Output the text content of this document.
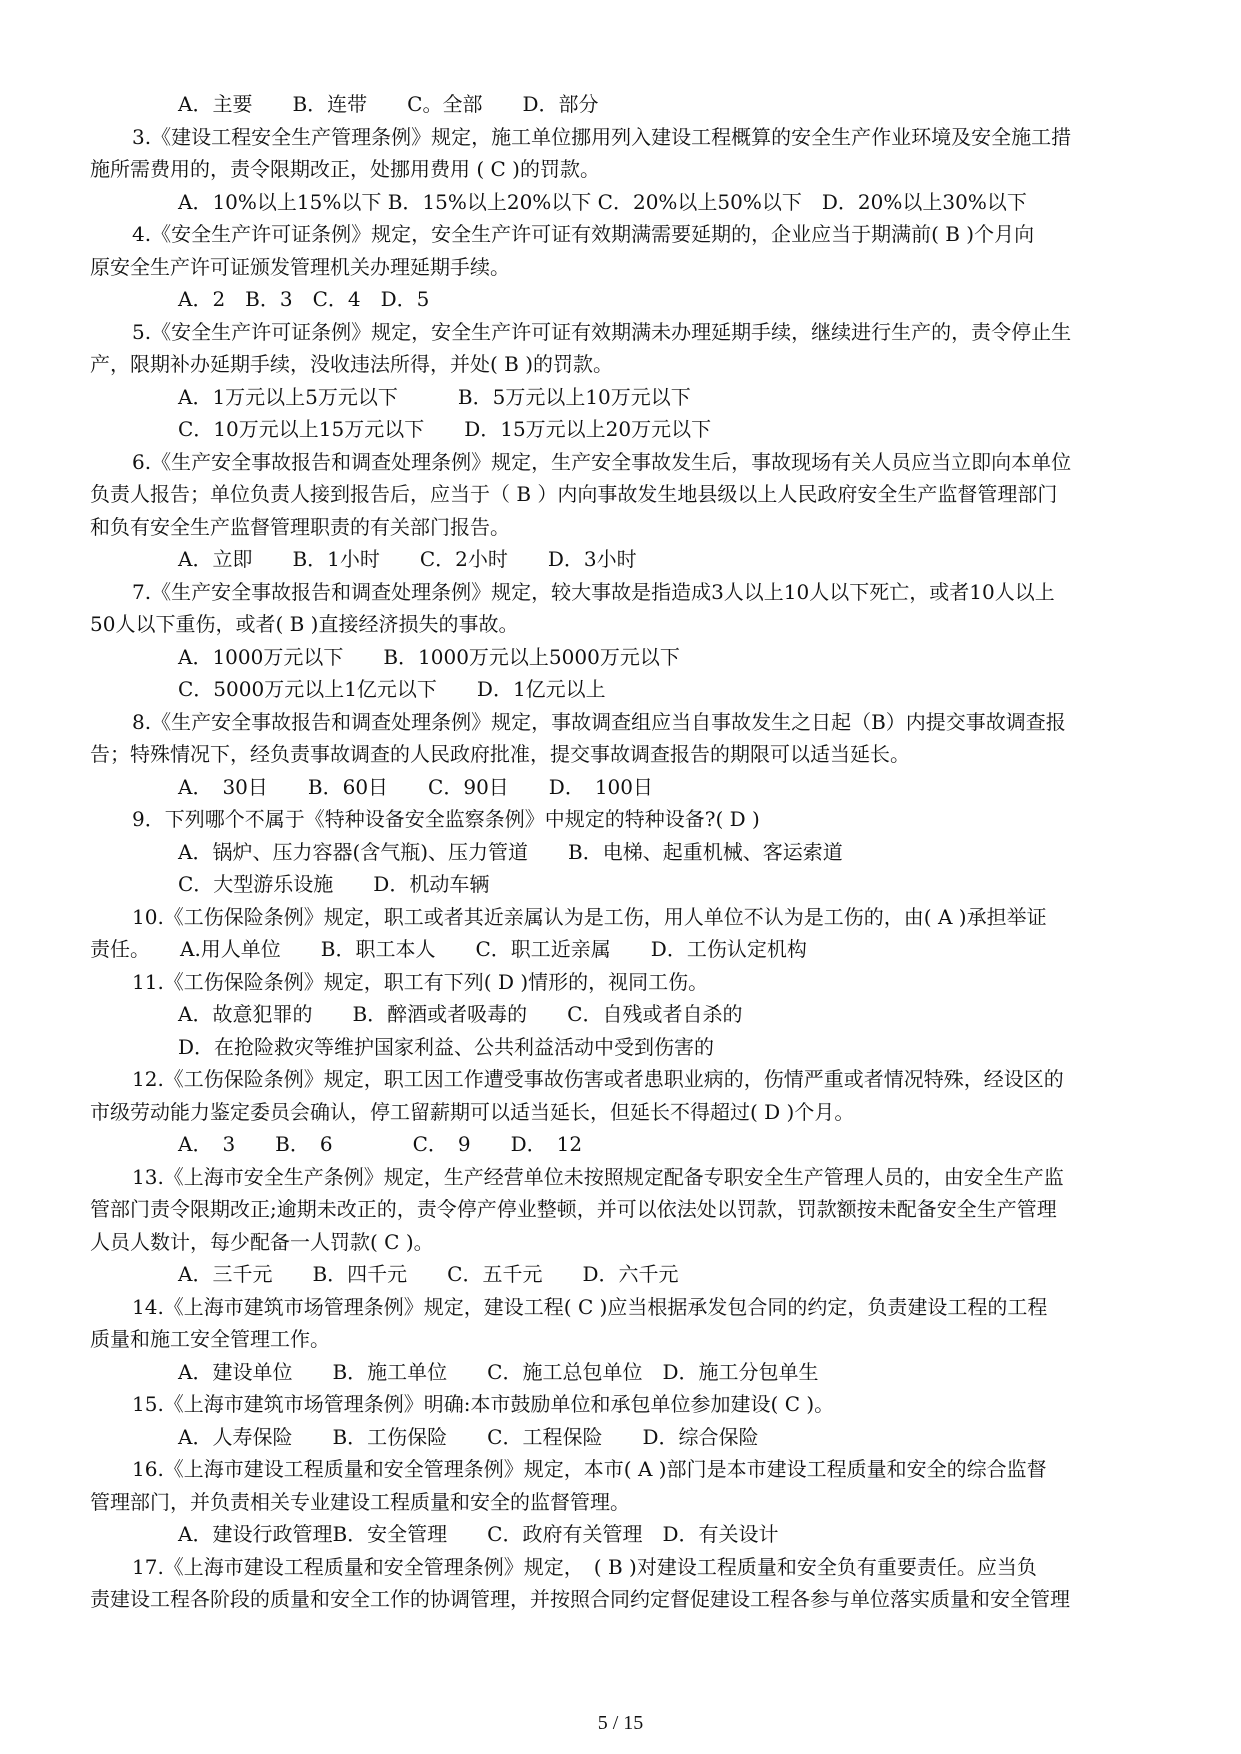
A．主要　　B．连带　　C。全部　　D．部分
3.《建设工程安全生产管理条例》规定，施工单位挪用列入建设工程概算的安全生产作业环境及安全施工措
施所需费用的，责令限期改正，处挪用费用 ( C )的罚款。
A．10%以上15%以下 B．15%以上20%以下 C．20%以上50%以下　D．20%以上30%以下
4.《安全生产许可证条例》规定，安全生产许可证有效期满需要延期的，企业应当于期满前( B )个月向
原安全生产许可证颁发管理机关办理延期手续。
A．2　B．3　C．4　D．5
5.《安全生产许可证条例》规定，安全生产许可证有效期满未办理延期手续，继续进行生产的，责令停止生
产，限期补办延期手续，没收违法所得，并处( B )的罚款。
A．1万元以上5万元以下　　　B．5万元以上10万元以下
C．10万元以上15万元以下　　D．15万元以上20万元以下
6.《生产安全事故报告和调查处理条例》规定，生产安全事故发生后，事故现场有关人员应当立即向本单位
负责人报告；单位负责人接到报告后，应当于（ B ）内向事故发生地县级以上人民政府安全生产监督管理部门
和负有安全生产监督管理职责的有关部门报告。
A．立即　　B．1小时　　C．2小时　　D．3小时
7.《生产安全事故报告和调查处理条例》规定，较大事故是指造成3人以上10人以下死亡，或者10人以上
50人以下重伤，或者( B )直接经济损失的事故。
A．1000万元以下　　B．1000万元以上5000万元以下
C．5000万元以上1亿元以下　　D．1亿元以上
8.《生产安全事故报告和调查处理条例》规定，事故调查组应当自事故发生之日起（B）内提交事故调查报
告；特殊情况下，经负责事故调查的人民政府批准，提交事故调查报告的期限可以适当延长。
A．　30日　　B．60日　　C．90日　　D．　100日
9．下列哪个不属于《特种设备安全监察条例》中规定的特种设备?( D )
A．锅炉、压力容器(含气瓶)、压力管道　　B．电梯、起重机械、客运索道
C．大型游乐设施　　D．机动车辆
10.《工伤保险条例》规定，职工或者其近亲属认为是工伤，用人单位不认为是工伤的，由( A )承担举证
责任。　　A.用人单位　　B．职工本人　　C．职工近亲属　　D．工伤认定机构
11.《工伤保险条例》规定，职工有下列( D )情形的，视同工伤。
A．故意犯罪的　　B．醉酒或者吸毒的　　C．自残或者自杀的
D．在抢险救灾等维护国家利益、公共利益活动中受到伤害的
12.《工伤保险条例》规定，职工因工作遭受事故伤害或者患职业病的，伤情严重或者情况特殊，经设区的
市级劳动能力鉴定委员会确认，停工留薪期可以适当延长，但延长不得超过( D )个月。
A．　3　　B．　6　　　　C．　9　　D．　12
13.《上海市安全生产条例》规定，生产经营单位未按照规定配备专职安全生产管理人员的，由安全生产监
管部门责令限期改正;逾期未改正的，责令停产停业整顿，并可以依法处以罚款，罚款额按未配备安全生产管理
人员人数计，每少配备一人罚款( C )。
A．三千元　　B．四千元　　C．五千元　　D．六千元
14.《上海市建筑市场管理条例》规定，建设工程( C )应当根据承发包合同的约定，负责建设工程的工程
质量和施工安全管理工作。
A．建设单位　　B．施工单位　　C．施工总包单位　D．施工分包单生
15.《上海市建筑市场管理条例》明确:本市鼓励单位和承包单位参加建设( C )。
A．人寿保险　　B．工伤保险　　C．工程保险　　D．综合保险
16.《上海市建设工程质量和安全管理条例》规定，本市( A )部门是本市建设工程质量和安全的综合监督
管理部门，并负责相关专业建设工程质量和安全的监督管理。
A．建设行政管理B．安全管理　　C．政府有关管理　D．有关设计
17.《上海市建设工程质量和安全管理条例》规定，　( B )对建设工程质量和安全负有重要责任。应当负
责建设工程各阶段的质量和安全工作的协调管理，并按照合同约定督促建设工程各参与单位落实质量和安全管理
5 / 15
